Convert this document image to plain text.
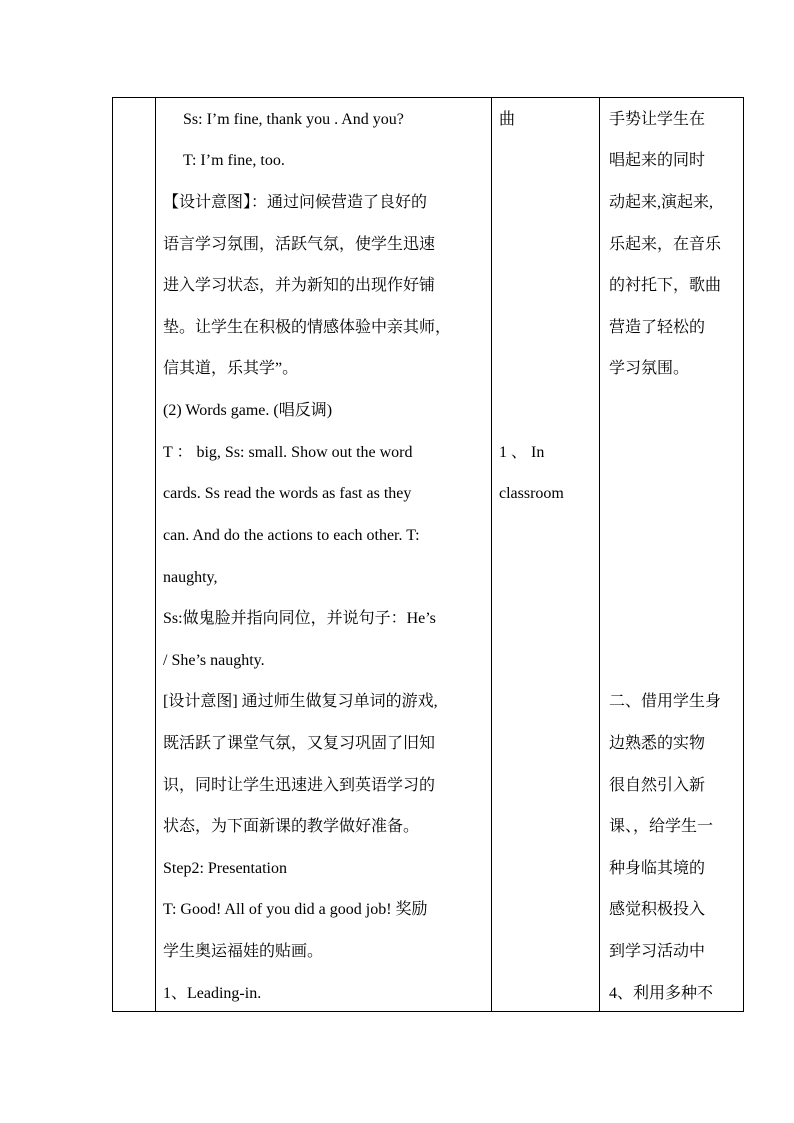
Ss: I’m fine, thank you . And you?
T: I’m fine, too.
【设计意图】：通过问候营造了良好的
语言学习氛围，活跃气氛，使学生迅速
进入学习状态，并为新知的出现作好铺
垫。让学生在积极的情感体验中亲其师，
信其道，乐其学”。
(2) Words game. (唱反调)
T ： big, Ss: small. Show out the word
cards. Ss read the words as fast as they
can. And do the actions to each other. T:
naughty,
Ss:做鬼脸并指向同位，并说句子：He’s
/ She’s naughty.
[设计意图] 通过师生做复习单词的游戏,
既活跃了课堂气氛，又复习巩固了旧知
识，同时让学生迅速进入到英语学习的
状态，为下面新课的教学做好准备。
Step2: Presentation
T: Good! All of you did a good job! 奖励
学生奥运福娃的贴画。
1、Leading-in.
曲
1 、 In
classroom
手势让学生在
唱起来的同时
动起来,演起来,
乐起来，在音乐
的衬托下，歌曲
营造了轻松的
学习氛围。
二、借用学生身
边熟悉的实物
很自然引入新
课、，给学生一
种身临其境的
感觉积极投入
到学习活动中
4、利用多种不
